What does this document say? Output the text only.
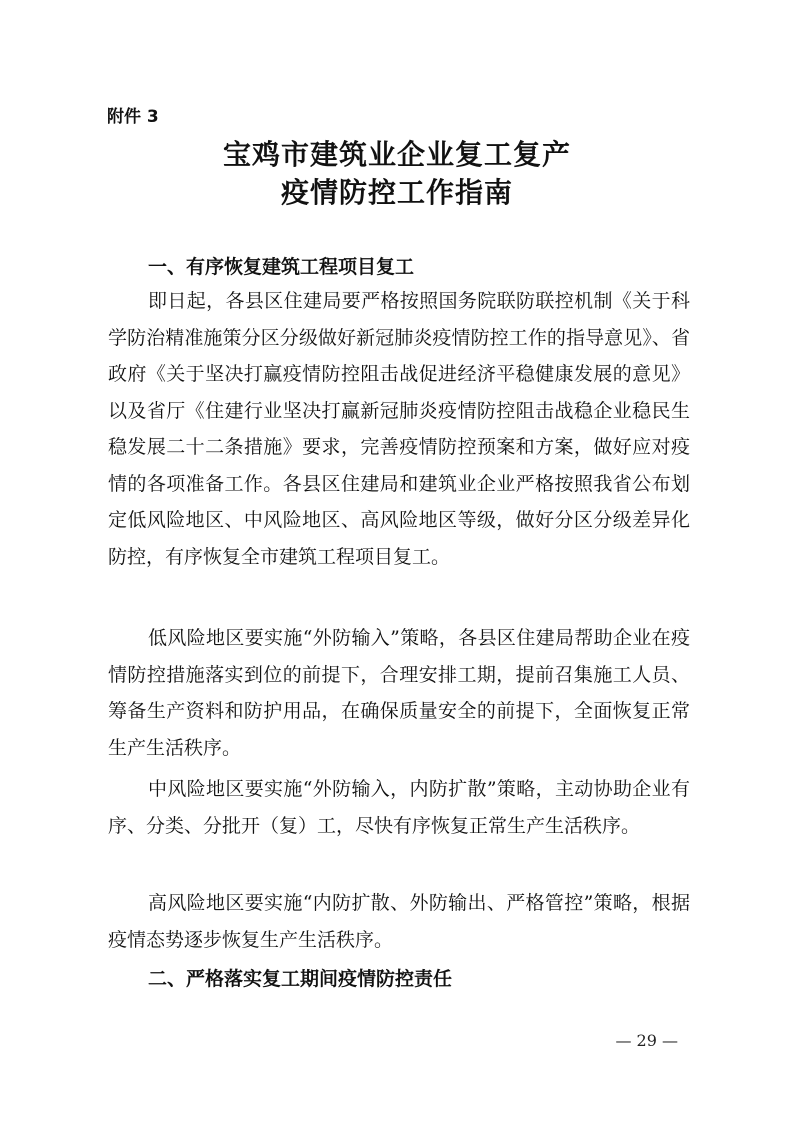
附件 3

宝鸡市建筑业企业复工复产
疫情防控工作指南
一、有序恢复建筑工程项目复工

即日起，各县区住建局要严格按照国务院联防联控机制《关于科学防治精准施策分区分级做好新冠肺炎疫情防控工作的指导意见》、省政府《关于坚决打赢疫情防控阻击战促进经济平稳健康发展的意见》以及省厅《住建行业坚决打赢新冠肺炎疫情防控阻击战稳企业稳民生稳发展二十二条措施》要求，完善疫情防控预案和方案，做好应对疫情的各项准备工作。各县区住建局和建筑业企业严格按照我省公布划定低风险地区、中风险地区、高风险地区等级，做好分区分级差异化防控，有序恢复全市建筑工程项目复工。

低风险地区要实施“外防输入”策略，各县区住建局帮助企业在疫情防控措施落实到位的前提下，合理安排工期，提前召集施工人员、筹备生产资料和防护用品，在确保质量安全的前提下，全面恢复正常生产生活秩序。

中风险地区要实施“外防输入，内防扩散”策略，主动协助企业有序、分类、分批开（复）工，尽快有序恢复正常生产生活秩序。

高风险地区要实施“内防扩散、外防输出、严格管控”策略，根据疫情态势逐步恢复生产生活秩序。

二、严格落实复工期间疫情防控责任

— 29 —
